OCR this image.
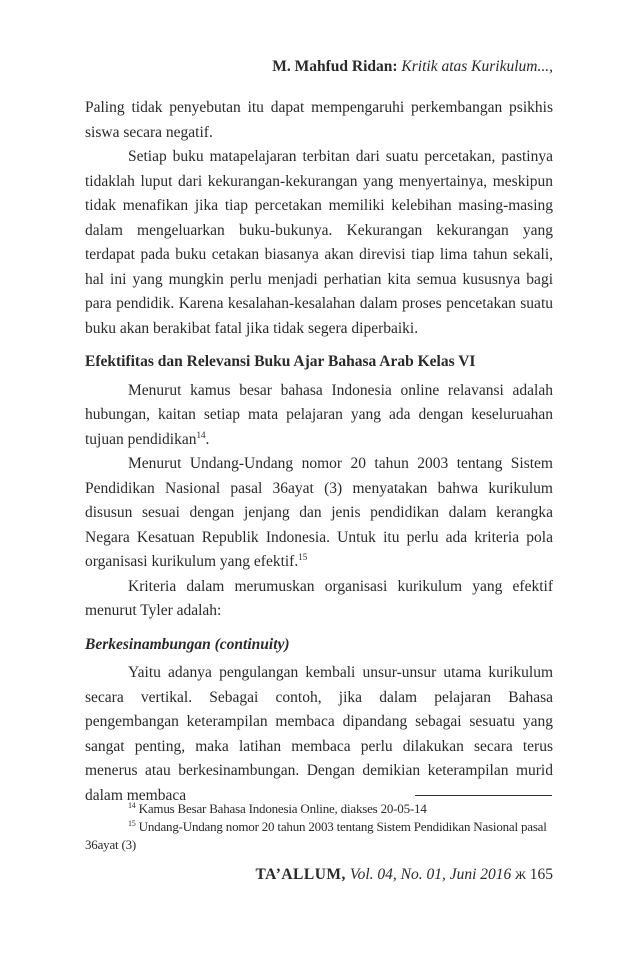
M. Mahfud Ridan: Kritik atas Kurikulum...,

Paling tidak penyebutan itu dapat mempengaruhi perkembangan psikhis siswa secara negatif.

Setiap buku matapelajaran terbitan dari suatu percetakan, pastinya tidaklah luput dari kekurangan-kekurangan yang menyertainya, meskipun tidak menafikan jika tiap percetakan memiliki kelebihan masing-masing dalam mengeluarkan buku-bukunya. Kekurangan kekurangan yang terdapat pada buku cetakan biasanya akan direvisi tiap lima tahun sekali, hal ini yang mungkin perlu menjadi perhatian kita semua kususnya bagi para pendidik. Karena kesalahan-kesalahan dalam proses pencetakan suatu buku akan berakibat fatal jika tidak segera diperbaiki.

Efektifitas dan Relevansi Buku Ajar Bahasa Arab Kelas VI

Menurut kamus besar bahasa Indonesia online relavansi adalah hubungan, kaitan setiap mata pelajaran yang ada dengan keseluruahan tujuan pendidikan$^{14}$.

Menurut Undang-Undang nomor 20 tahun 2003 tentang Sistem Pendidikan Nasional pasal 36ayat (3) menyatakan bahwa kurikulum disusun sesuai dengan jenjang dan jenis pendidikan dalam kerangka Negara Kesatuan Republik Indonesia. Untuk itu perlu ada kriteria pola organisasi kurikulum yang efektif.$^{15}$

Kriteria dalam merumuskan organisasi kurikulum yang efektif menurut Tyler adalah:

Berkesinambungan (continuity)

Yaitu adanya pengulangan kembali unsur-unsur utama kurikulum secara vertikal. Sebagai contoh, jika dalam pelajaran Bahasa pengembangan keterampilan membaca dipandang sebagai sesuatu yang sangat penting, maka latihan membaca perlu dilakukan secara terus menerus atau berkesinambungan. Dengan demikian keterampilan murid dalam membaca

$^{14}$ Kamus Besar Bahasa Indonesia Online, diakses 20-05-14

$^{15}$ Undang-Undang nomor 20 tahun 2003 tentang Sistem Pendidikan Nasional pasal 36ayat (3)

TA’ALLUM, Vol. 04, No. 01, Juni 2016 ж 165
